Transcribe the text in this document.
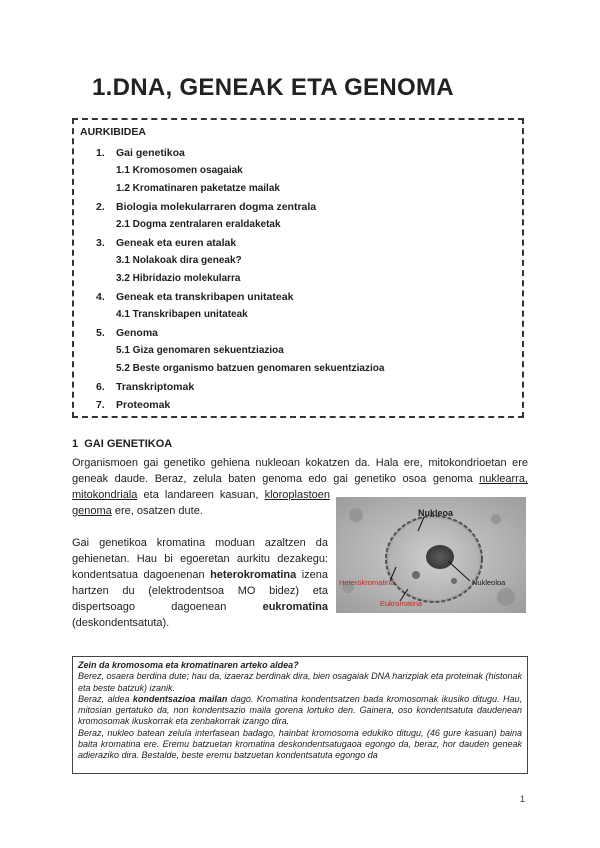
1.DNA, GENEAK ETA GENOMA
AURKIBIDEA
1. Gai genetikoa
1.1 Kromosomen osagaiak
1.2 Kromatinaren paketatze mailak
2. Biologia molekularraren dogma zentrala
2.1 Dogma zentralaren eraldaketak
3. Geneak eta euren atalak
3.1 Nolakoak dira geneak?
3.2 Hibridazio molekularra
4. Geneak eta transkribapen unitateak
4.1 Transkribapen unitateak
5. Genoma
5.1 Giza genomaren sekuentziazioa
5.2 Beste organismo batzuen genomaren sekuentziazioa
6. Transkriptomak
7. Proteomak
1 GAI GENETIKOA
Organismoen gai genetiko gehiena nukleoan kokatzen da. Hala ere, mitokondrioetan ere
geneak daude. Beraz, zelula baten genoma edo gai genetiko osoa genoma nuklearra,
mitokondriala eta landareen kasuan, kloroplastoen
genoma ere, osatzen dute.
Gai genetikoa kromatina moduan azaltzen da
gehienetan. Hau bi egoeretan aurkitu dezakegu:
kondentsatua dagoenenan heterokromatina izena
hartzen du (elektrodentsoa MO bidez) eta
dispertsoago dagoenean eukromatina
(deskondentsatuta).
Nukleoa
Nukleoloa
Heterokromatina
Eukromatina
Zein da kromosoma eta kromatinaren arteko aldea?

Berez, osaera berdina dute; hau da, izaeraz berdinak dira, bien osagaiak DNA harizpiak eta proteinak (histonak eta beste batzuk) izanik.

Beraz, aldea kondentsazioa mailan dago. Kromatina kondentsatzen bada kromosomak ikusiko ditugu. Hau, mitosian gertatuko da, non kondentsazio maila gorena lortuko den. Gainera, oso kondentsatuta daudenean kromosomak ikuskorrak eta zenbakorrak izango dira.

Beraz, nukleo batean zelula interfasean badago, hainbat kromosoma edukiko ditugu, (46 gure kasuan) baina baita kromatina ere. Eremu batzuetan kromatina deskondentsatugaoa egongo da, beraz, hor dauden geneak adieraziko dira. Bestalde, beste eremu batzuetan kondentsatuta egongo da

1
